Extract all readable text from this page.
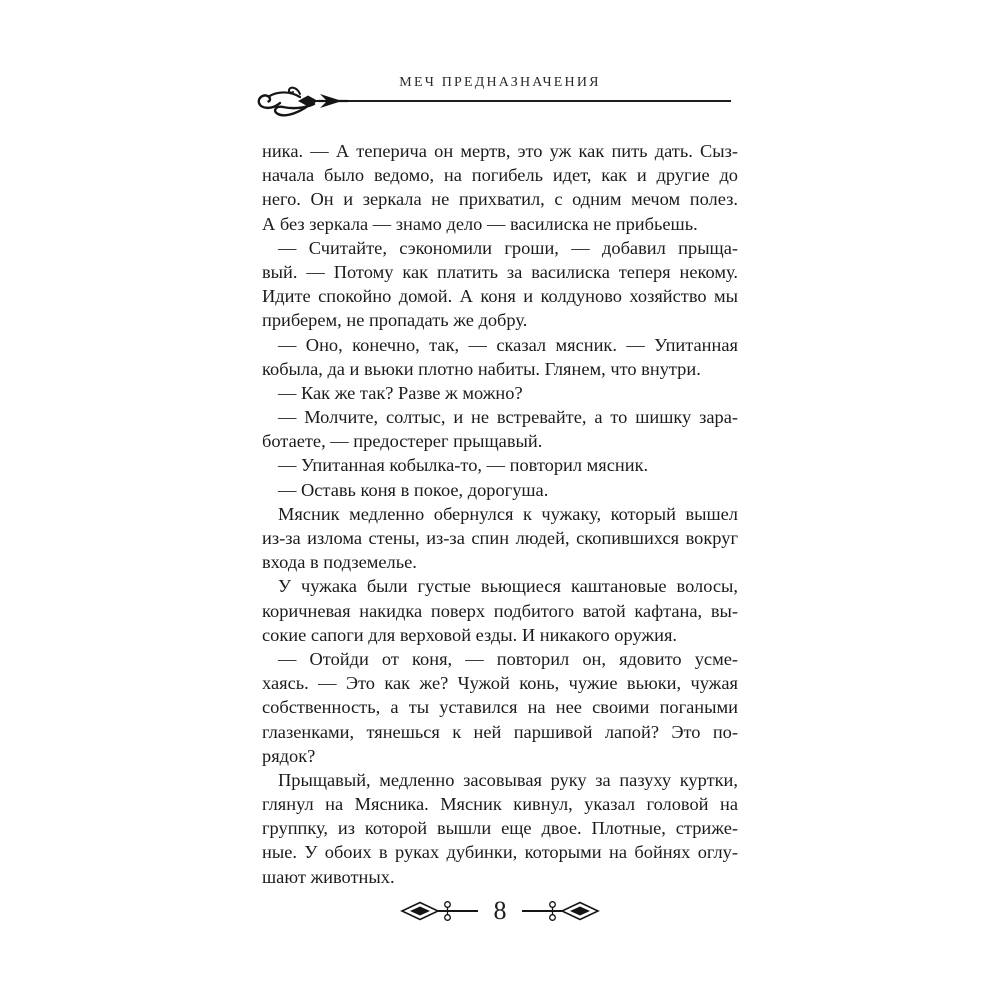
МЕЧ ПРЕДНАЗНАЧЕНИЯ
ника. — А теперича он мертв, это уж как пить дать. Сыз-
начала было ведомо, на погибель идет, как и другие до
него. Он и зеркала не прихватил, с одним мечом полез.
А без зеркала — знамо дело — василиска не прибьешь.
— Считайте, сэкономили гроши, — добавил прыща-
вый. — Потому как платить за василиска теперя некому.
Идите спокойно домой. А коня и колдуново хозяйство мы
приберем, не пропадать же добру.
— Оно, конечно, так, — сказал мясник. — Упитанная
кобыла, да и вьюки плотно набиты. Глянем, что внутри.
— Как же так? Разве ж можно?
— Молчите, солтыс, и не встревайте, а то шишку зара-
ботаете, — предостерег прыщавый.
— Упитанная кобылка-то, — повторил мясник.
— Оставь коня в покое, дорогуша.
Мясник медленно обернулся к чужаку, который вышел
из-за излома стены, из-за спин людей, скопившихся вокруг
входа в подземелье.
У чужака были густые вьющиеся каштановые волосы,
коричневая накидка поверх подбитого ватой кафтана, вы-
сокие сапоги для верховой езды. И никакого оружия.
— Отойди от коня, — повторил он, ядовито усме-
хаясь. — Это как же? Чужой конь, чужие вьюки, чужая
собственность, а ты уставился на нее своими погаными
глазенками, тянешься к ней паршивой лапой? Это по-
рядок?
Прыщавый, медленно засовывая руку за пазуху куртки,
глянул на Мясника. Мясник кивнул, указал головой на
группку, из которой вышли еще двое. Плотные, стриже-
ные. У обоих в руках дубинки, которыми на бойнях оглу-
шают животных.
8
